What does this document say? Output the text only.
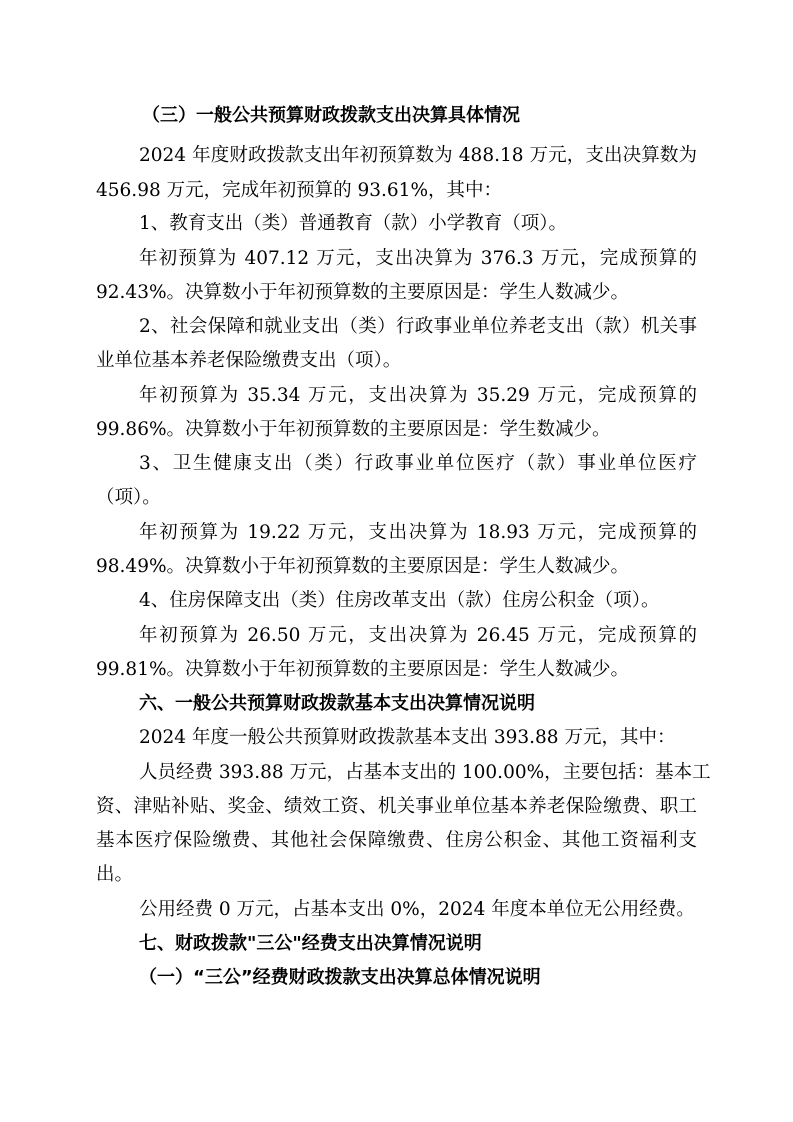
（三）一般公共预算财政拨款支出决算具体情况
2024 年度财政拨款支出年初预算数为 488.18 万元，支出决算数为
456.98 万元，完成年初预算的 93.61%，其中：
1、教育支出（类）普通教育（款）小学教育（项）。
年初预算为 407.12 万元，支出决算为 376.3 万元，完成预算的
92.43%。决算数小于年初预算数的主要原因是：学生人数减少。
2、社会保障和就业支出（类）行政事业单位养老支出（款）机关事
业单位基本养老保险缴费支出（项）。
年初预算为 35.34 万元，支出决算为 35.29 万元，完成预算的
99.86%。决算数小于年初预算数的主要原因是：学生数减少。
3、卫生健康支出（类）行政事业单位医疗（款）事业单位医疗
（项）。
年初预算为 19.22 万元，支出决算为 18.93 万元，完成预算的
98.49%。决算数小于年初预算数的主要原因是：学生人数减少。
4、住房保障支出（类）住房改革支出（款）住房公积金（项）。
年初预算为 26.50 万元，支出决算为 26.45 万元，完成预算的
99.81%。决算数小于年初预算数的主要原因是：学生人数减少。
六、一般公共预算财政拨款基本支出决算情况说明
2024 年度一般公共预算财政拨款基本支出 393.88 万元，其中：
人员经费 393.88 万元，占基本支出的 100.00%，主要包括：基本工
资、津贴补贴、奖金、绩效工资、机关事业单位基本养老保险缴费、职工
基本医疗保险缴费、其他社会保障缴费、住房公积金、其他工资福利支
出。
公用经费 0 万元，占基本支出 0%，2024 年度本单位无公用经费。
七、财政拨款"三公"经费支出决算情况说明
（一）“三公”经费财政拨款支出决算总体情况说明
